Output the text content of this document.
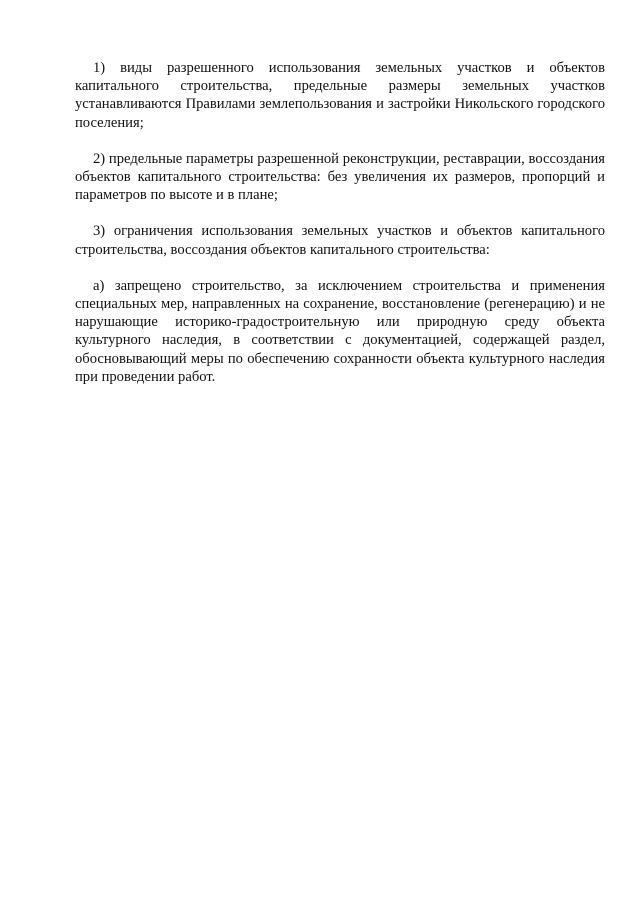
1) виды разрешенного использования земельных участков и объектов капитального строительства, предельные размеры земельных участков устанавливаются Правилами землепользования и застройки Никольского городского поселения;

2) предельные параметры разрешенной реконструкции, реставрации, воссоздания объектов капитального строительства: без увеличения их размеров, пропорций и параметров по высоте и в плане;

3) ограничения использования земельных участков и объектов капитального строительства, воссоздания объектов капитального строительства:

а) запрещено строительство, за исключением строительства и применения специальных мер, направленных на сохранение, восстановление (регенерацию) и не нарушающие историко-градостроительную или природную среду объекта культурного наследия, в соответствии с документацией, содержащей раздел, обосновывающий меры по обеспечению сохранности объекта культурного наследия при проведении работ.
